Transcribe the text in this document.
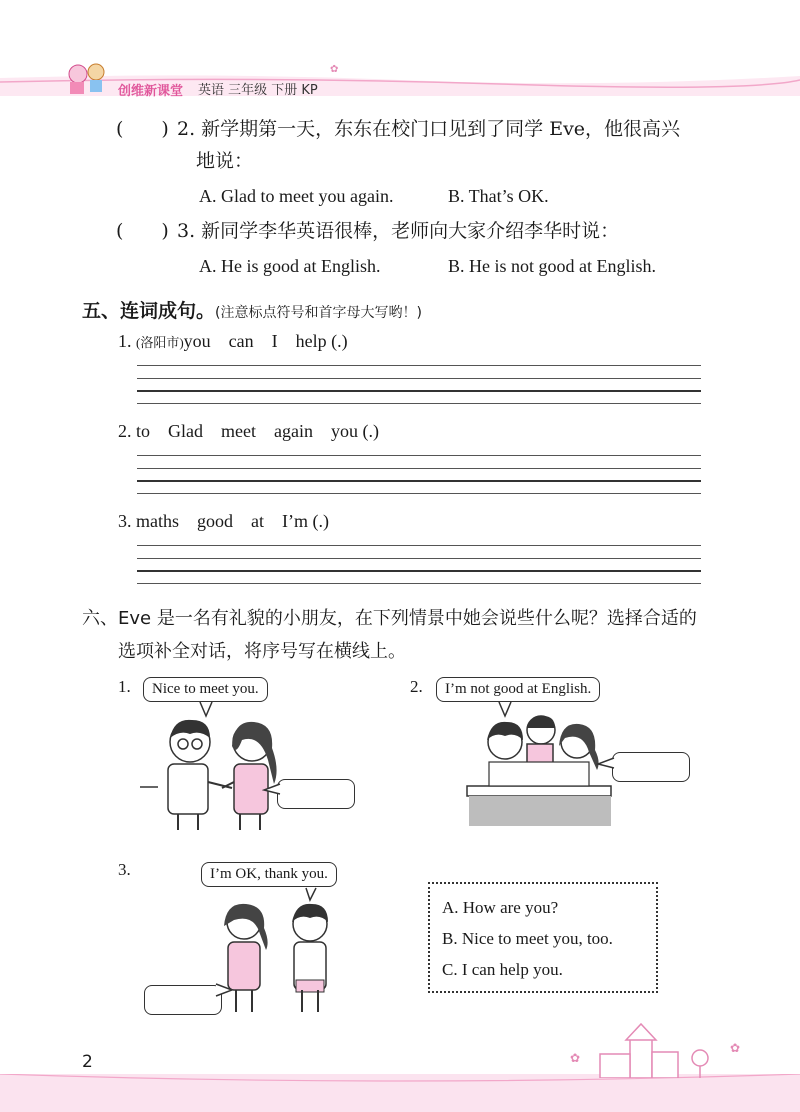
✿
创维新课堂 英语 三年级 下册 KP
( ) 2. 新学期第一天，东东在校门口见到了同学 Eve，他很高兴
地说：
A. Glad to meet you again.	B. That’s OK.
( ) 3. 新同学李华英语很棒，老师向大家介绍李华时说：
A. He is good at English.	B. He is not good at English.
五、连词成句。(注意标点符号和首字母大写哟！)
1. (洛阳市)you    can    I    help (.)
2. to    Glad    meet    again    you (.)
3. maths    good    at    I’m (.)
六、Eve 是一名有礼貌的小朋友，在下列情景中她会说些什么呢？选择合适的
选项补全对话，将序号写在横线上。
1.	Nice to meet you.	2.	I’m not good at English.
3.	I’m OK, thank you.
A. How are you?
B. Nice to meet you, too.
C. I can help you.
✿
✿
2
